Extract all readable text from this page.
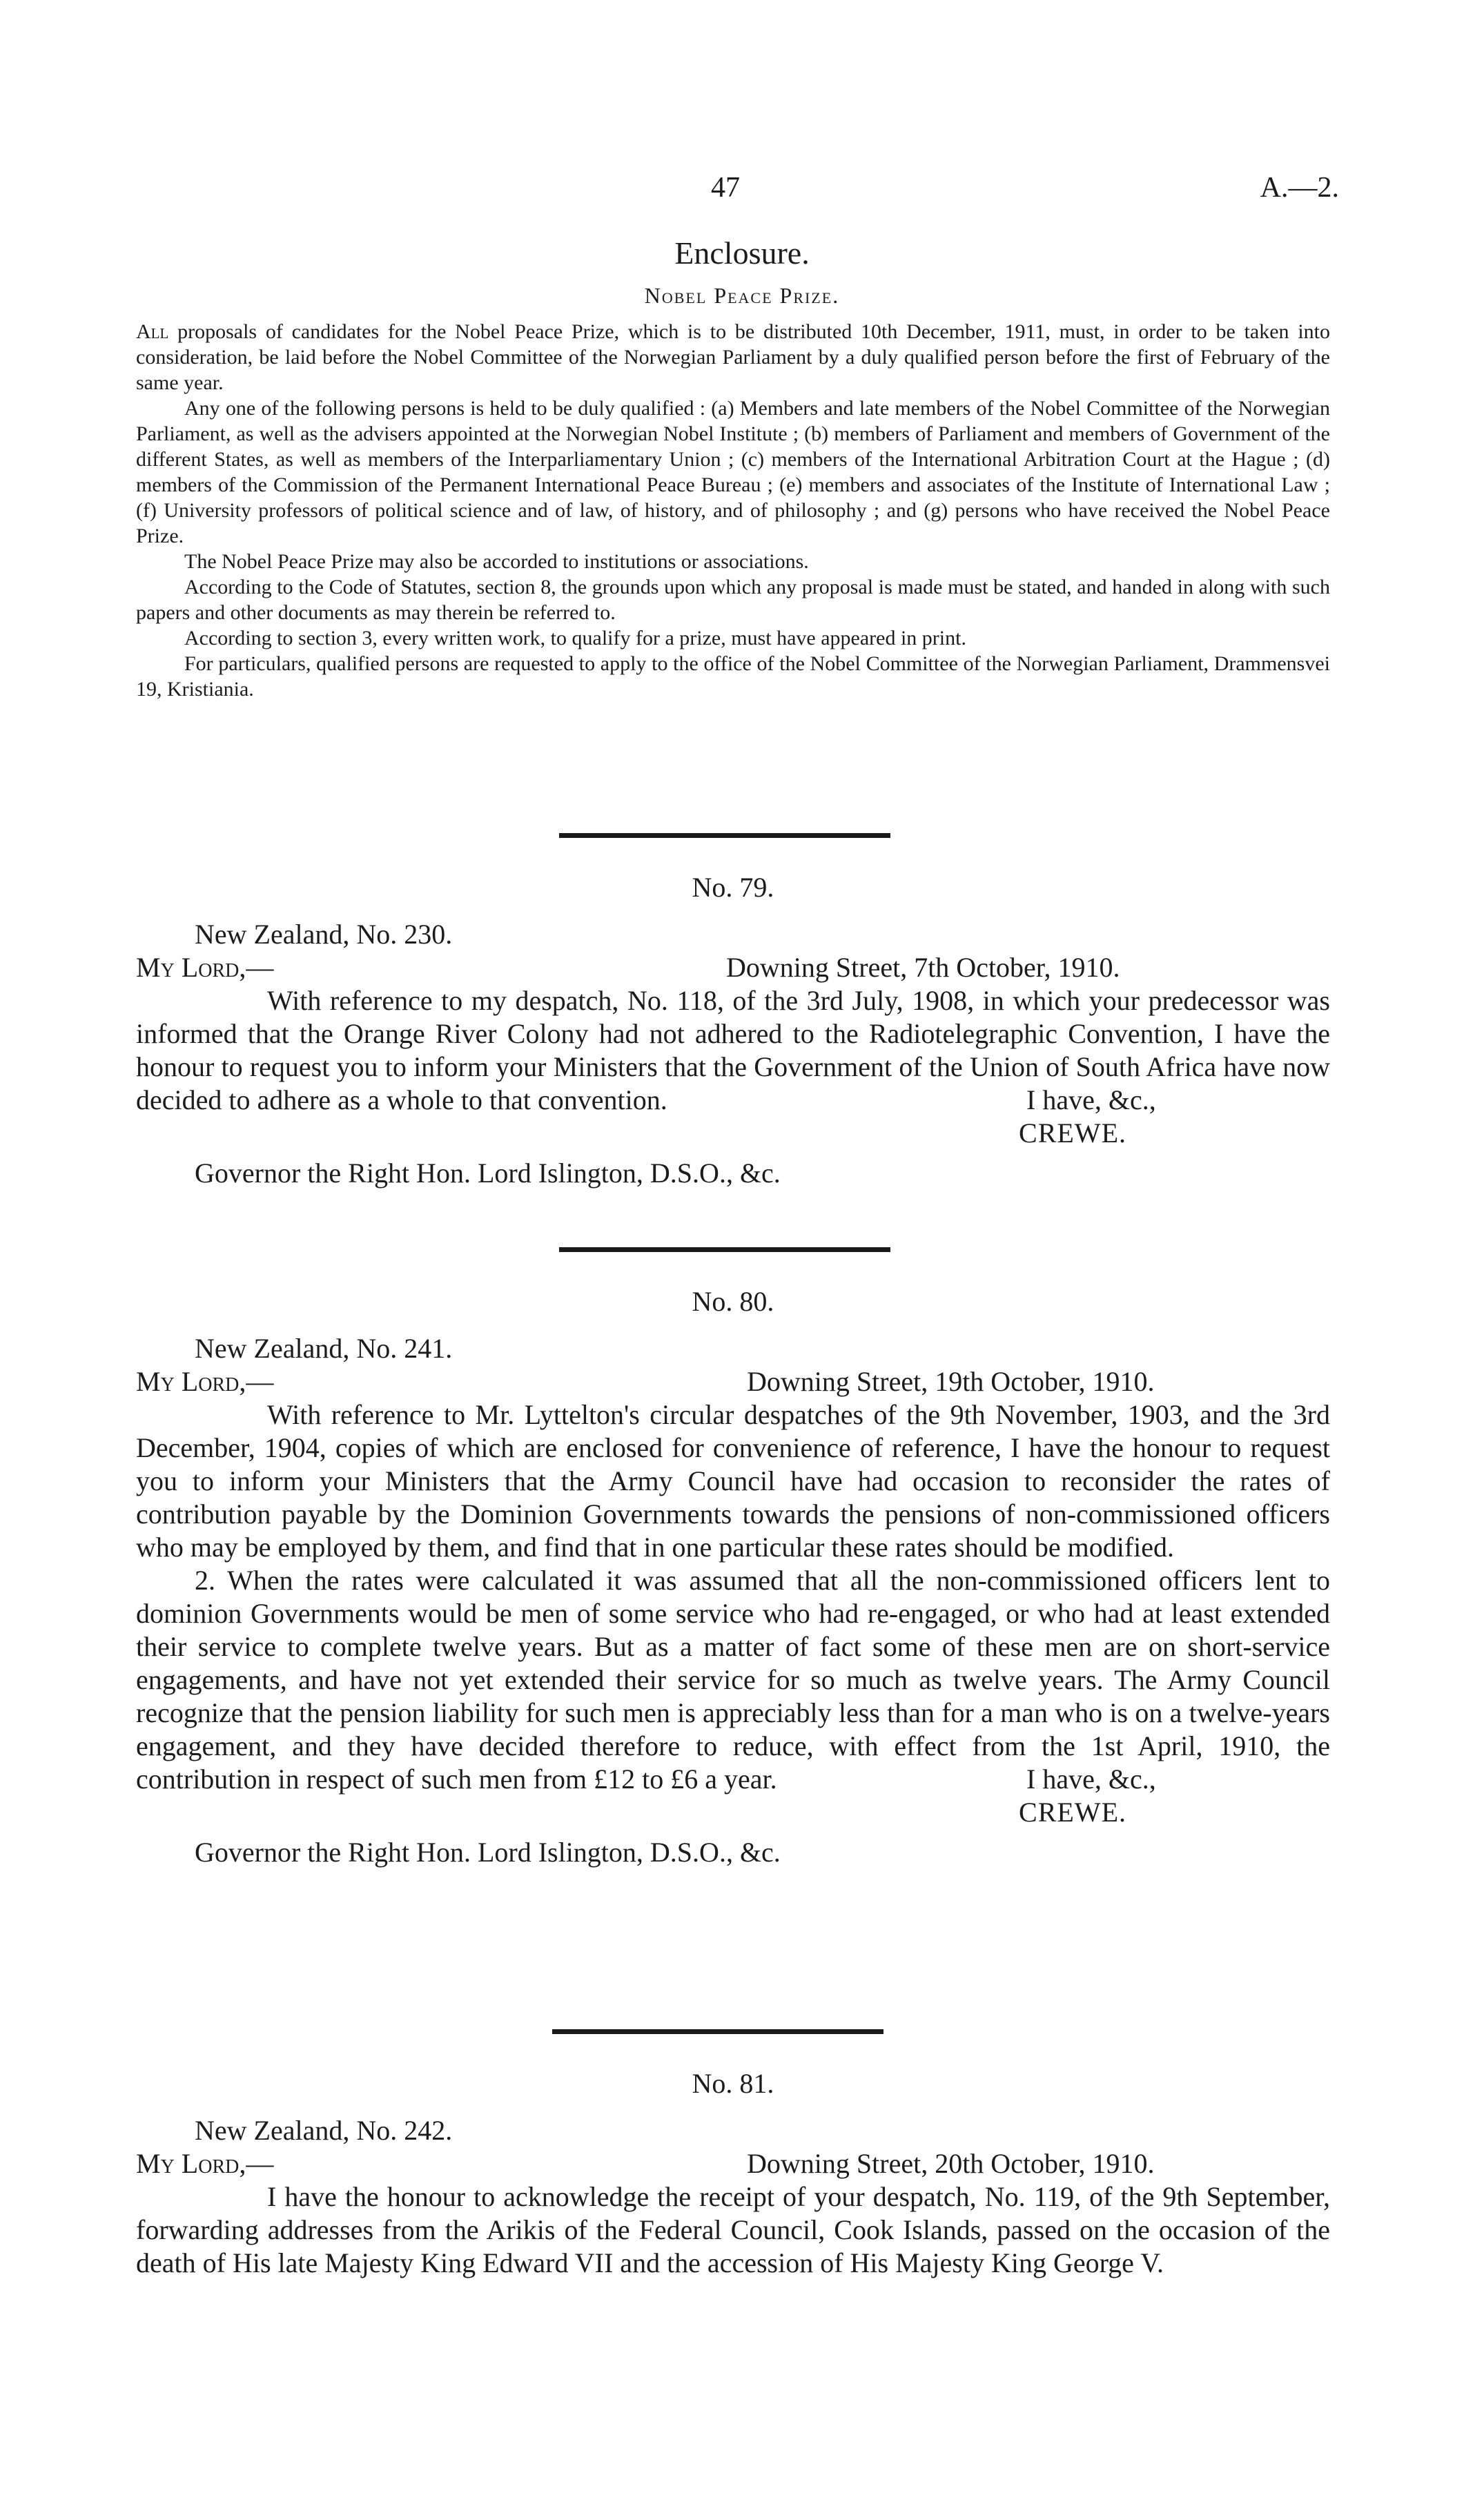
47	A.—2.
Enclosure.
Nobel Peace Prize.

All proposals of candidates for the Nobel Peace Prize, which is to be distributed 10th December, 1911, must, in order to be taken into consideration, be laid before the Nobel Committee of the Norwegian Parliament by a duly qualified person before the first of February of the same year.

Any one of the following persons is held to be duly qualified : (a) Members and late members of the Nobel Committee of the Norwegian Parliament, as well as the advisers appointed at the Norwegian Nobel Institute ; (b) members of Parliament and members of Government of the different States, as well as members of the Interparliamentary Union ; (c) members of the International Arbitration Court at the Hague ; (d) members of the Commission of the Permanent International Peace Bureau ; (e) members and associates of the Institute of International Law ; (f) University professors of political science and of law, of history, and of philosophy ; and (g) persons who have received the Nobel Peace Prize.

The Nobel Peace Prize may also be accorded to institutions or associations.

According to the Code of Statutes, section 8, the grounds upon which any proposal is made must be stated, and handed in along with such papers and other documents as may therein be referred to.

According to section 3, every written work, to qualify for a prize, must have appeared in print.

For particulars, qualified persons are requested to apply to the office of the Nobel Committee of the Norwegian Parliament, Drammensvei 19, Kristiania.

No. 79.

New Zealand, No. 230.

My Lord,—	Downing Street, 7th October, 1910.

With reference to my despatch, No. 118, of the 3rd July, 1908, in which your predecessor was informed that the Orange River Colony had not adhered to the Radiotelegraphic Convention, I have the honour to request you to inform your Ministers that the Government of the Union of South Africa have now decided to adhere as a whole to that convention.	I have, &c.,

CREWE.

Governor the Right Hon. Lord Islington, D.S.O., &c.

No. 80.

New Zealand, No. 241.

My Lord,—	Downing Street, 19th October, 1910.

With reference to Mr. Lyttelton's circular despatches of the 9th November, 1903, and the 3rd December, 1904, copies of which are enclosed for convenience of reference, I have the honour to request you to inform your Ministers that the Army Council have had occasion to reconsider the rates of contribution payable by the Dominion Governments towards the pensions of non-commissioned officers who may be employed by them, and find that in one particular these rates should be modified.

2. When the rates were calculated it was assumed that all the non-commissioned officers lent to dominion Governments would be men of some service who had re-engaged, or who had at least extended their service to complete twelve years. But as a matter of fact some of these men are on short-service engagements, and have not yet extended their service for so much as twelve years. The Army Council recognize that the pension liability for such men is appreciably less than for a man who is on a twelve-years engagement, and they have decided therefore to reduce, with effect from the 1st April, 1910, the contribution in respect of such men from £12 to £6 a year.	I have, &c.,

CREWE.

Governor the Right Hon. Lord Islington, D.S.O., &c.

No. 81.

New Zealand, No. 242.

My Lord,—	Downing Street, 20th October, 1910.

I have the honour to acknowledge the receipt of your despatch, No. 119, of the 9th September, forwarding addresses from the Arikis of the Federal Council, Cook Islands, passed on the occasion of the death of His late Majesty King Edward VII and the accession of His Majesty King George V.
